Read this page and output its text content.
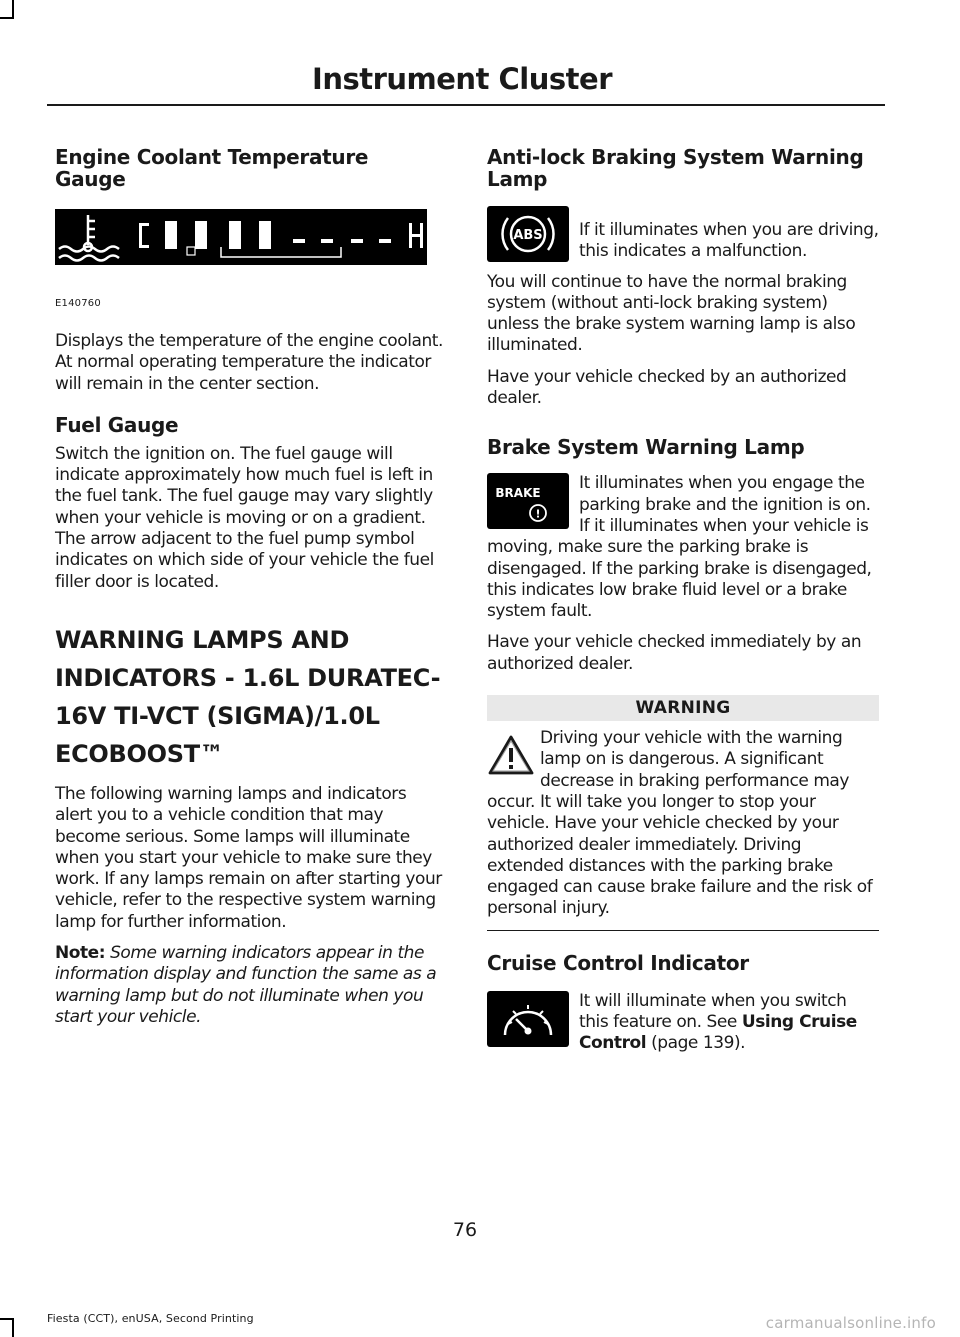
Instrument Cluster
Engine Coolant Temperature Gauge
E140760

Displays the temperature of the engine coolant. At normal operating temperature the indicator will remain in the center section.

Fuel Gauge

Switch the ignition on. The fuel gauge will indicate approximately how much fuel is left in the fuel tank. The fuel gauge may vary slightly when your vehicle is moving or on a gradient. The arrow adjacent to the fuel pump symbol indicates on which side of your vehicle the fuel filler door is located.

WARNING LAMPS AND INDICATORS - 1.6L DURATEC-16V TI-VCT (SIGMA)/1.0L ECOBOOST™

The following warning lamps and indicators alert you to a vehicle condition that may become serious. Some lamps will illuminate when you start your vehicle to make sure they work. If any lamps remain on after starting your vehicle, refer to the respective system warning lamp for further information.

Note: Some warning indicators appear in the information display and function the same as a warning lamp but do not illuminate when you start your vehicle.

Anti-lock Braking System Warning Lamp
ABS	If it illuminates when you are driving, this indicates a malfunction.

You will continue to have the normal braking system (without anti-lock braking system) unless the brake system warning lamp is also illuminated.

Have your vehicle checked by an authorized dealer.

Brake System Warning Lamp
BRAKE
!

It illuminates when you engage the parking brake and the ignition is on. If it illuminates when your vehicle is moving, make sure the parking brake is disengaged. If the parking brake is disengaged, this indicates low brake fluid level or a brake system fault.

Have your vehicle checked immediately by an authorized dealer.

WARNING

Driving your vehicle with the warning lamp on is dangerous. A significant decrease in braking performance may occur. It will take you longer to stop your vehicle. Have your vehicle checked by your authorized dealer immediately. Driving extended distances with the parking brake engaged can cause brake failure and the risk of personal injury.

Cruise Control Indicator

It will illuminate when you switch this feature on. See Using Cruise Control (page 139).

76
Fiesta (CCT), enUSA, Second Printing	carmanualsonline.info
